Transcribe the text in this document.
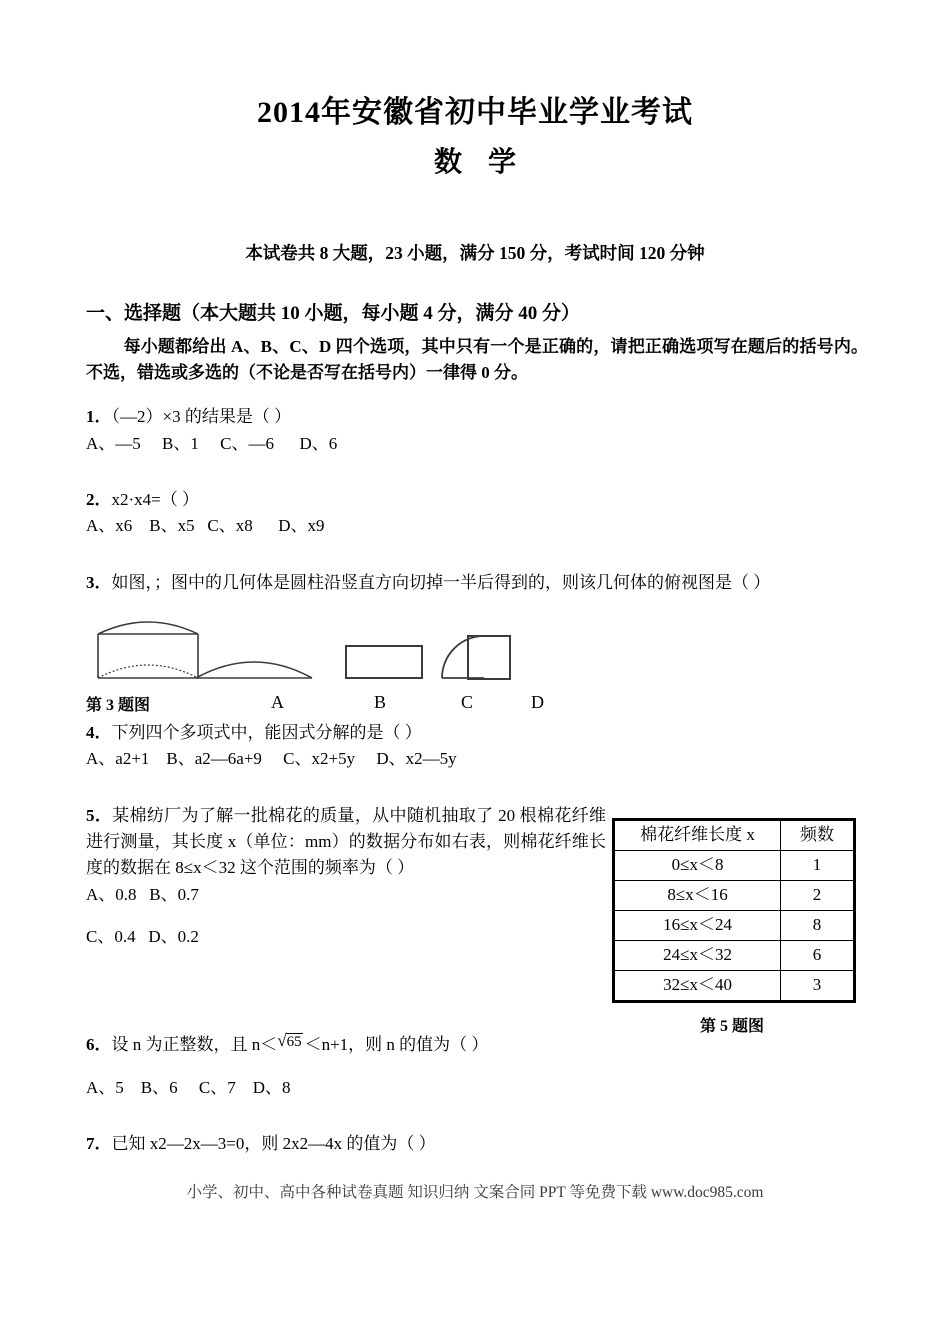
2014年安徽省初中毕业学业考试
数学
本试卷共 8 大题，23 小题，满分 150 分，考试时间 120 分钟
一、选择题（本大题共 10 小题，每小题 4 分，满分 40 分）
每小题都给出 A、B、C、D 四个选项，其中只有一个是正确的，请把正确选项写在题后的括号内。不选，错选或多选的（不论是否写在括号内）一律得 0 分。
1．（—2）×3 的结果是（ ）
A、—5     B、1     C、—6      D、6
2．x2·x4=（ ）
A、x6    B、x5   C、x8      D、x9
3．如图，；图中的几何体是圆柱沿竖直方向切掉一半后得到的，则该几何体的俯视图是（ ）
4．下列四个多项式中，能因式分解的是（ ）
A、a2+1    B、a2—6a+9     C、x2+5y     D、x2—5y
5．某棉纺厂为了解一批棉花的质量，从中随机抽取了 20 根棉花纤维进行测量，其长度 x（单位：mm）的数据分布如右表，则棉花纤维长度的数据在 8≤x＜32 这个范围的频率为（ ）
A、0.8   B、0.7
C、0.4   D、0.2
6．设 n 为正整数，且 n＜√65 ＜n+1，则 n 的值为（ ）
A、5    B、6     C、7    D、8
7．已知 x2—2x—3=0，则 2x2—4x 的值为（ ）
第 3 题图	A	B	C	D
棉花纤维长度 x	频数
0≤x＜8	1
8≤x＜16	2
16≤x＜24	8
24≤x＜32	6
32≤x＜40	3
第 5 题图
小学、初中、高中各种试卷真题 知识归纳 文案合同 PPT 等免费下载 www.doc985.com
